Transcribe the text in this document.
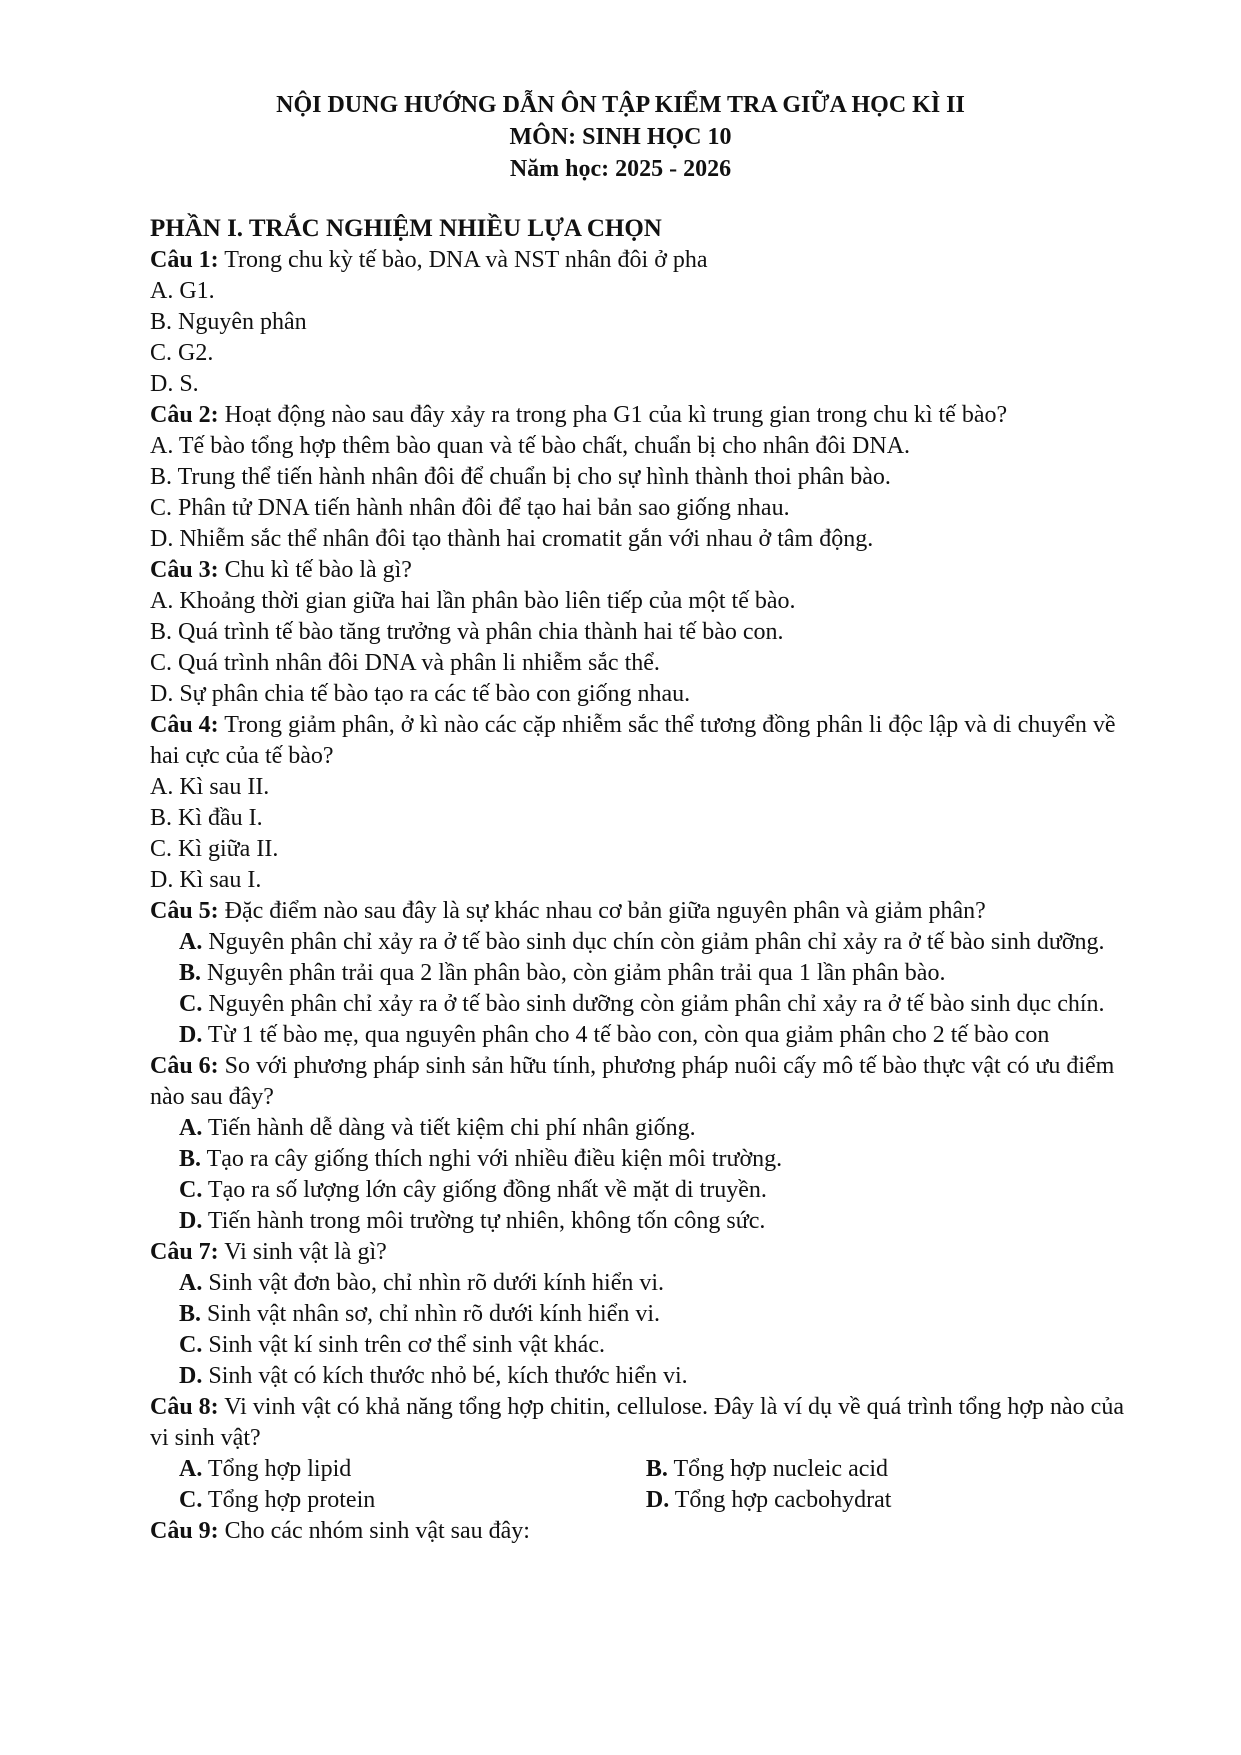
NỘI DUNG HƯỚNG DẪN ÔN TẬP KIỂM TRA GIỮA HỌC KÌ II
MÔN: SINH HỌC 10
Năm học: 2025 - 2026
PHẦN I. TRẮC NGHIỆM NHIỀU LỰA CHỌN
Câu 1: Trong chu kỳ tế bào, DNA và NST nhân đôi ở pha
A. G1.
B. Nguyên phân
C. G2.
D. S.
Câu 2: Hoạt động nào sau đây xảy ra trong pha G1 của kì trung gian trong chu kì tế bào?
A. Tế bào tổng hợp thêm bào quan và tế bào chất, chuẩn bị cho nhân đôi DNA.
B. Trung thể tiến hành nhân đôi để chuẩn bị cho sự hình thành thoi phân bào.
C. Phân tử DNA tiến hành nhân đôi để tạo hai bản sao giống nhau.
D. Nhiễm sắc thể nhân đôi tạo thành hai cromatit gắn với nhau ở tâm động.
Câu 3: Chu kì tế bào là gì?
A. Khoảng thời gian giữa hai lần phân bào liên tiếp của một tế bào.
B. Quá trình tế bào tăng trưởng và phân chia thành hai tế bào con.
C. Quá trình nhân đôi DNA và phân li nhiễm sắc thể.
D. Sự phân chia tế bào tạo ra các tế bào con giống nhau.
Câu 4: Trong giảm phân, ở kì nào các cặp nhiễm sắc thể tương đồng phân li độc lập và di chuyển về hai cực của tế bào?
A. Kì sau II.
B. Kì đầu I.
C. Kì giữa II.
D. Kì sau I.
Câu 5: Đặc điểm nào sau đây là sự khác nhau cơ bản giữa nguyên phân và giảm phân?
A. Nguyên phân chỉ xảy ra ở tế bào sinh dục chín còn giảm phân chỉ xảy ra ở tế bào sinh dưỡng.
B. Nguyên phân trải qua 2 lần phân bào, còn giảm phân trải qua 1 lần phân bào.
C. Nguyên phân chỉ xảy ra ở tế bào sinh dưỡng còn giảm phân chỉ xảy ra ở tế bào sinh dục chín.
D. Từ 1 tế bào mẹ, qua nguyên phân cho 4 tế bào con, còn qua giảm phân cho 2 tế bào con
Câu 6: So với phương pháp sinh sản hữu tính, phương pháp nuôi cấy mô tế bào thực vật có ưu điểm nào sau đây?
A. Tiến hành dễ dàng và tiết kiệm chi phí nhân giống.
B. Tạo ra cây giống thích nghi với nhiều điều kiện môi trường.
C. Tạo ra số lượng lớn cây giống đồng nhất về mặt di truyền.
D. Tiến hành trong môi trường tự nhiên, không tốn công sức.
Câu 7: Vi sinh vật là gì?
A. Sinh vật đơn bào, chỉ nhìn rõ dưới kính hiển vi.
B. Sinh vật nhân sơ, chỉ nhìn rõ dưới kính hiển vi.
C. Sinh vật kí sinh trên cơ thể sinh vật khác.
D. Sinh vật có kích thước nhỏ bé, kích thước hiển vi.
Câu 8: Vi vinh vật có khả năng tổng hợp chitin, cellulose. Đây là ví dụ về quá trình tổng hợp nào của vi sinh vật?
A. Tổng hợp lipid	B. Tổng hợp nucleic acid
C. Tổng hợp protein	D. Tổng hợp cacbohydrat
Câu 9: Cho các nhóm sinh vật sau đây:
